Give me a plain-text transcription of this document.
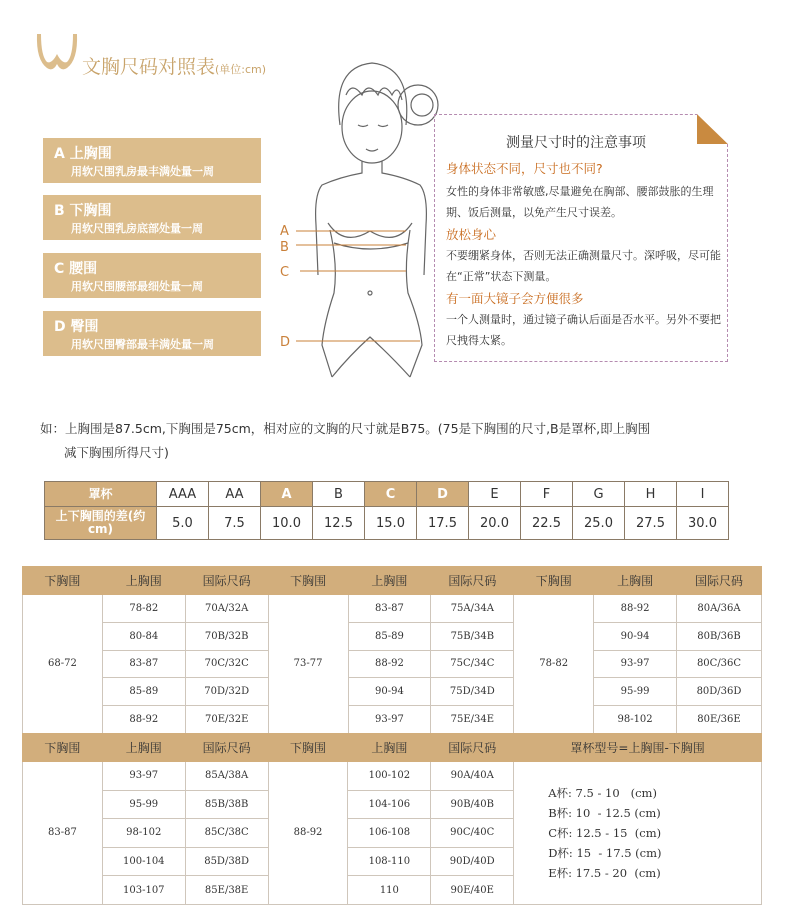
文胸尺码对照表(单位:cm)
A 上胸围
用软尺围乳房最丰满处量一周
B 下胸围
用软尺围乳房底部处量一周
C 腰围
用软尺围腰部最细处量一周
D 臀围
用软尺围臀部最丰满处量一周
A
B
C
D
测量尺寸时的注意事项
身体状态不同，尺寸也不同?
女性的身体非常敏感,尽量避免在胸部、腰部鼓胀的生理期、饭后测量，以免产生尺寸误差。
放松身心
不要绷紧身体，否则无法正确测量尺寸。深呼吸，尽可能在“正常”状态下测量。
有一面大镜子会方便很多
一个人测量时，通过镜子确认后面是否水平。另外不要把尺拽得太紧。
如：上胸围是87.5cm,下胸围是75cm，相对应的文胸的尺寸就是B75。(75是下胸围的尺寸,B是罩杯,即上胸围
减下胸围所得尺寸)
罩杯	AAA	AA	A	B	C	D	E	F	G	H	I
上下胸围的差(约cm)	5.0	7.5	10.0	12.5	15.0	17.5	20.0	22.5	25.0	27.5	30.0
下胸围	上胸围	国际尺码	下胸围	上胸围	国际尺码	下胸围	上胸围	国际尺码
68-72	78-82	70A/32A	73-77	83-87	75A/34A	78-82	88-92	80A/36A
	80-84	70B/32B		85-89	75B/34B		90-94	80B/36B
	83-87	70C/32C		88-92	75C/34C		93-97	80C/36C
	85-89	70D/32D		90-94	75D/34D		95-99	80D/36D
	88-92	70E/32E		93-97	75E/34E		98-102	80E/36E
下胸围	上胸围	国际尺码	下胸围	上胸围	国际尺码	罩杯型号=上胸围-下胸围
83-87	93-97	85A/38A	88-92	100-102	90A/40A	A杯: 7.5 - 10   (cm)
B杯: 10  - 12.5 (cm)
C杯: 12.5 - 15  (cm)
D杯: 15  - 17.5 (cm)
E杯: 17.5 - 20  (cm)

	95-99	85B/38B		104-106	90B/40B	
	98-102	85C/38C		106-108	90C/40C	
	100-104	85D/38D		108-110	90D/40D	
	103-107	85E/38E		110	90E/40E	
